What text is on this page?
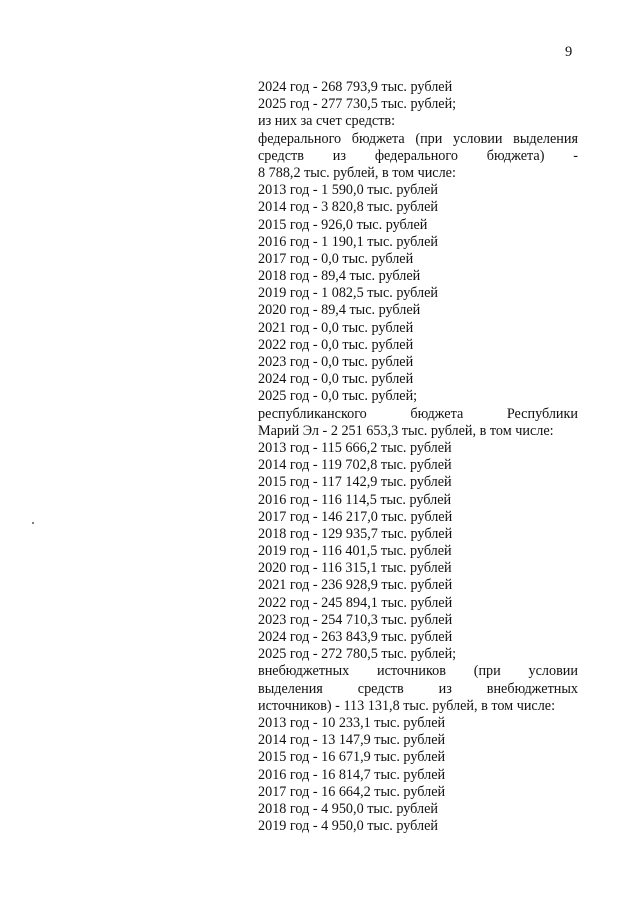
9
2024 год - 268 793,9 тыс. рублей
2025 год - 277 730,5 тыс. рублей;
из них за счет средств:
федерального бюджета (при условии выделения
средств из федерального бюджета) -
8 788,2 тыс. рублей, в том числе:
2013 год - 1 590,0 тыс. рублей
2014 год - 3 820,8 тыс. рублей
2015 год - 926,0 тыс. рублей
2016 год - 1 190,1 тыс. рублей
2017 год - 0,0 тыс. рублей
2018 год - 89,4 тыс. рублей
2019 год - 1 082,5 тыс. рублей
2020 год - 89,4 тыс. рублей
2021 год - 0,0 тыс. рублей
2022 год - 0,0 тыс. рублей
2023 год - 0,0 тыс. рублей
2024 год - 0,0 тыс. рублей
2025 год - 0,0 тыс. рублей;
республиканского бюджета Республики
Марий Эл - 2 251 653,3 тыс. рублей, в том числе:
2013 год - 115 666,2 тыс. рублей
2014 год - 119 702,8 тыс. рублей
2015 год - 117 142,9 тыс. рублей
2016 год - 116 114,5 тыс. рублей
2017 год - 146 217,0 тыс. рублей
2018 год - 129 935,7 тыс. рублей
2019 год - 116 401,5 тыс. рублей
2020 год - 116 315,1 тыс. рублей
2021 год - 236 928,9 тыс. рублей
2022 год - 245 894,1 тыс. рублей
2023 год - 254 710,3 тыс. рублей
2024 год - 263 843,9 тыс. рублей
2025 год - 272 780,5 тыс. рублей;
внебюджетных источников (при условии
выделения средств из внебюджетных
источников) - 113 131,8 тыс. рублей, в том числе:
2013 год - 10 233,1 тыс. рублей
2014 год - 13 147,9 тыс. рублей
2015 год - 16 671,9 тыс. рублей
2016 год - 16 814,7 тыс. рублей
2017 год - 16 664,2 тыс. рублей
2018 год - 4 950,0 тыс. рублей
2019 год - 4 950,0 тыс. рублей
